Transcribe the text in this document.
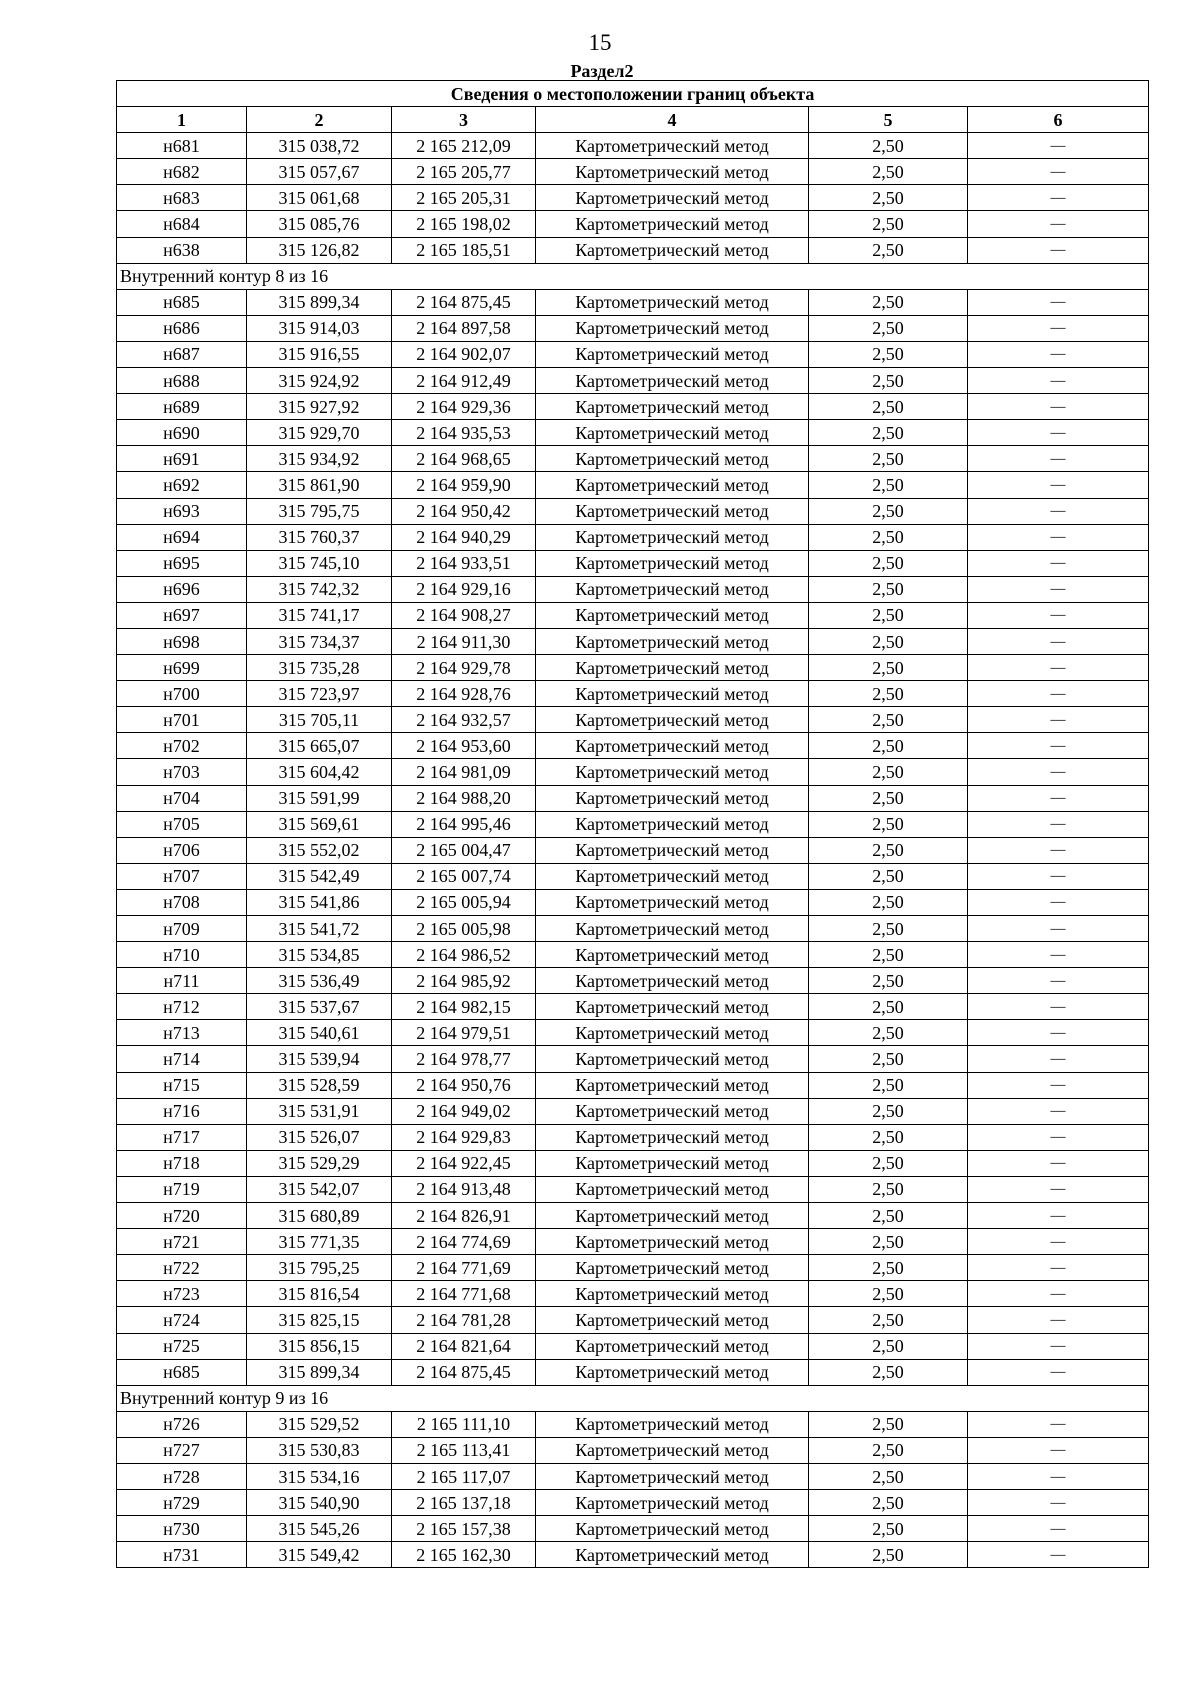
15
Раздел2
Сведения о местоположении границ объекта					
1	2	3	4	5	6
н681	315 038,72	2 165 212,09	Картометрический метод	2,50	—
н682	315 057,67	2 165 205,77	Картометрический метод	2,50	—
н683	315 061,68	2 165 205,31	Картометрический метод	2,50	—
н684	315 085,76	2 165 198,02	Картометрический метод	2,50	—
н638	315 126,82	2 165 185,51	Картометрический метод	2,50	—
Внутренний контур 8 из 16					
н685	315 899,34	2 164 875,45	Картометрический метод	2,50	—
н686	315 914,03	2 164 897,58	Картометрический метод	2,50	—
н687	315 916,55	2 164 902,07	Картометрический метод	2,50	—
н688	315 924,92	2 164 912,49	Картометрический метод	2,50	—
н689	315 927,92	2 164 929,36	Картометрический метод	2,50	—
н690	315 929,70	2 164 935,53	Картометрический метод	2,50	—
н691	315 934,92	2 164 968,65	Картометрический метод	2,50	—
н692	315 861,90	2 164 959,90	Картометрический метод	2,50	—
н693	315 795,75	2 164 950,42	Картометрический метод	2,50	—
н694	315 760,37	2 164 940,29	Картометрический метод	2,50	—
н695	315 745,10	2 164 933,51	Картометрический метод	2,50	—
н696	315 742,32	2 164 929,16	Картометрический метод	2,50	—
н697	315 741,17	2 164 908,27	Картометрический метод	2,50	—
н698	315 734,37	2 164 911,30	Картометрический метод	2,50	—
н699	315 735,28	2 164 929,78	Картометрический метод	2,50	—
н700	315 723,97	2 164 928,76	Картометрический метод	2,50	—
н701	315 705,11	2 164 932,57	Картометрический метод	2,50	—
н702	315 665,07	2 164 953,60	Картометрический метод	2,50	—
н703	315 604,42	2 164 981,09	Картометрический метод	2,50	—
н704	315 591,99	2 164 988,20	Картометрический метод	2,50	—
н705	315 569,61	2 164 995,46	Картометрический метод	2,50	—
н706	315 552,02	2 165 004,47	Картометрический метод	2,50	—
н707	315 542,49	2 165 007,74	Картометрический метод	2,50	—
н708	315 541,86	2 165 005,94	Картометрический метод	2,50	—
н709	315 541,72	2 165 005,98	Картометрический метод	2,50	—
н710	315 534,85	2 164 986,52	Картометрический метод	2,50	—
н711	315 536,49	2 164 985,92	Картометрический метод	2,50	—
н712	315 537,67	2 164 982,15	Картометрический метод	2,50	—
н713	315 540,61	2 164 979,51	Картометрический метод	2,50	—
н714	315 539,94	2 164 978,77	Картометрический метод	2,50	—
н715	315 528,59	2 164 950,76	Картометрический метод	2,50	—
н716	315 531,91	2 164 949,02	Картометрический метод	2,50	—
н717	315 526,07	2 164 929,83	Картометрический метод	2,50	—
н718	315 529,29	2 164 922,45	Картометрический метод	2,50	—
н719	315 542,07	2 164 913,48	Картометрический метод	2,50	—
н720	315 680,89	2 164 826,91	Картометрический метод	2,50	—
н721	315 771,35	2 164 774,69	Картометрический метод	2,50	—
н722	315 795,25	2 164 771,69	Картометрический метод	2,50	—
н723	315 816,54	2 164 771,68	Картометрический метод	2,50	—
н724	315 825,15	2 164 781,28	Картометрический метод	2,50	—
н725	315 856,15	2 164 821,64	Картометрический метод	2,50	—
н685	315 899,34	2 164 875,45	Картометрический метод	2,50	—
Внутренний контур 9 из 16					
н726	315 529,52	2 165 111,10	Картометрический метод	2,50	—
н727	315 530,83	2 165 113,41	Картометрический метод	2,50	—
н728	315 534,16	2 165 117,07	Картометрический метод	2,50	—
н729	315 540,90	2 165 137,18	Картометрический метод	2,50	—
н730	315 545,26	2 165 157,38	Картометрический метод	2,50	—
н731	315 549,42	2 165 162,30	Картометрический метод	2,50	—
